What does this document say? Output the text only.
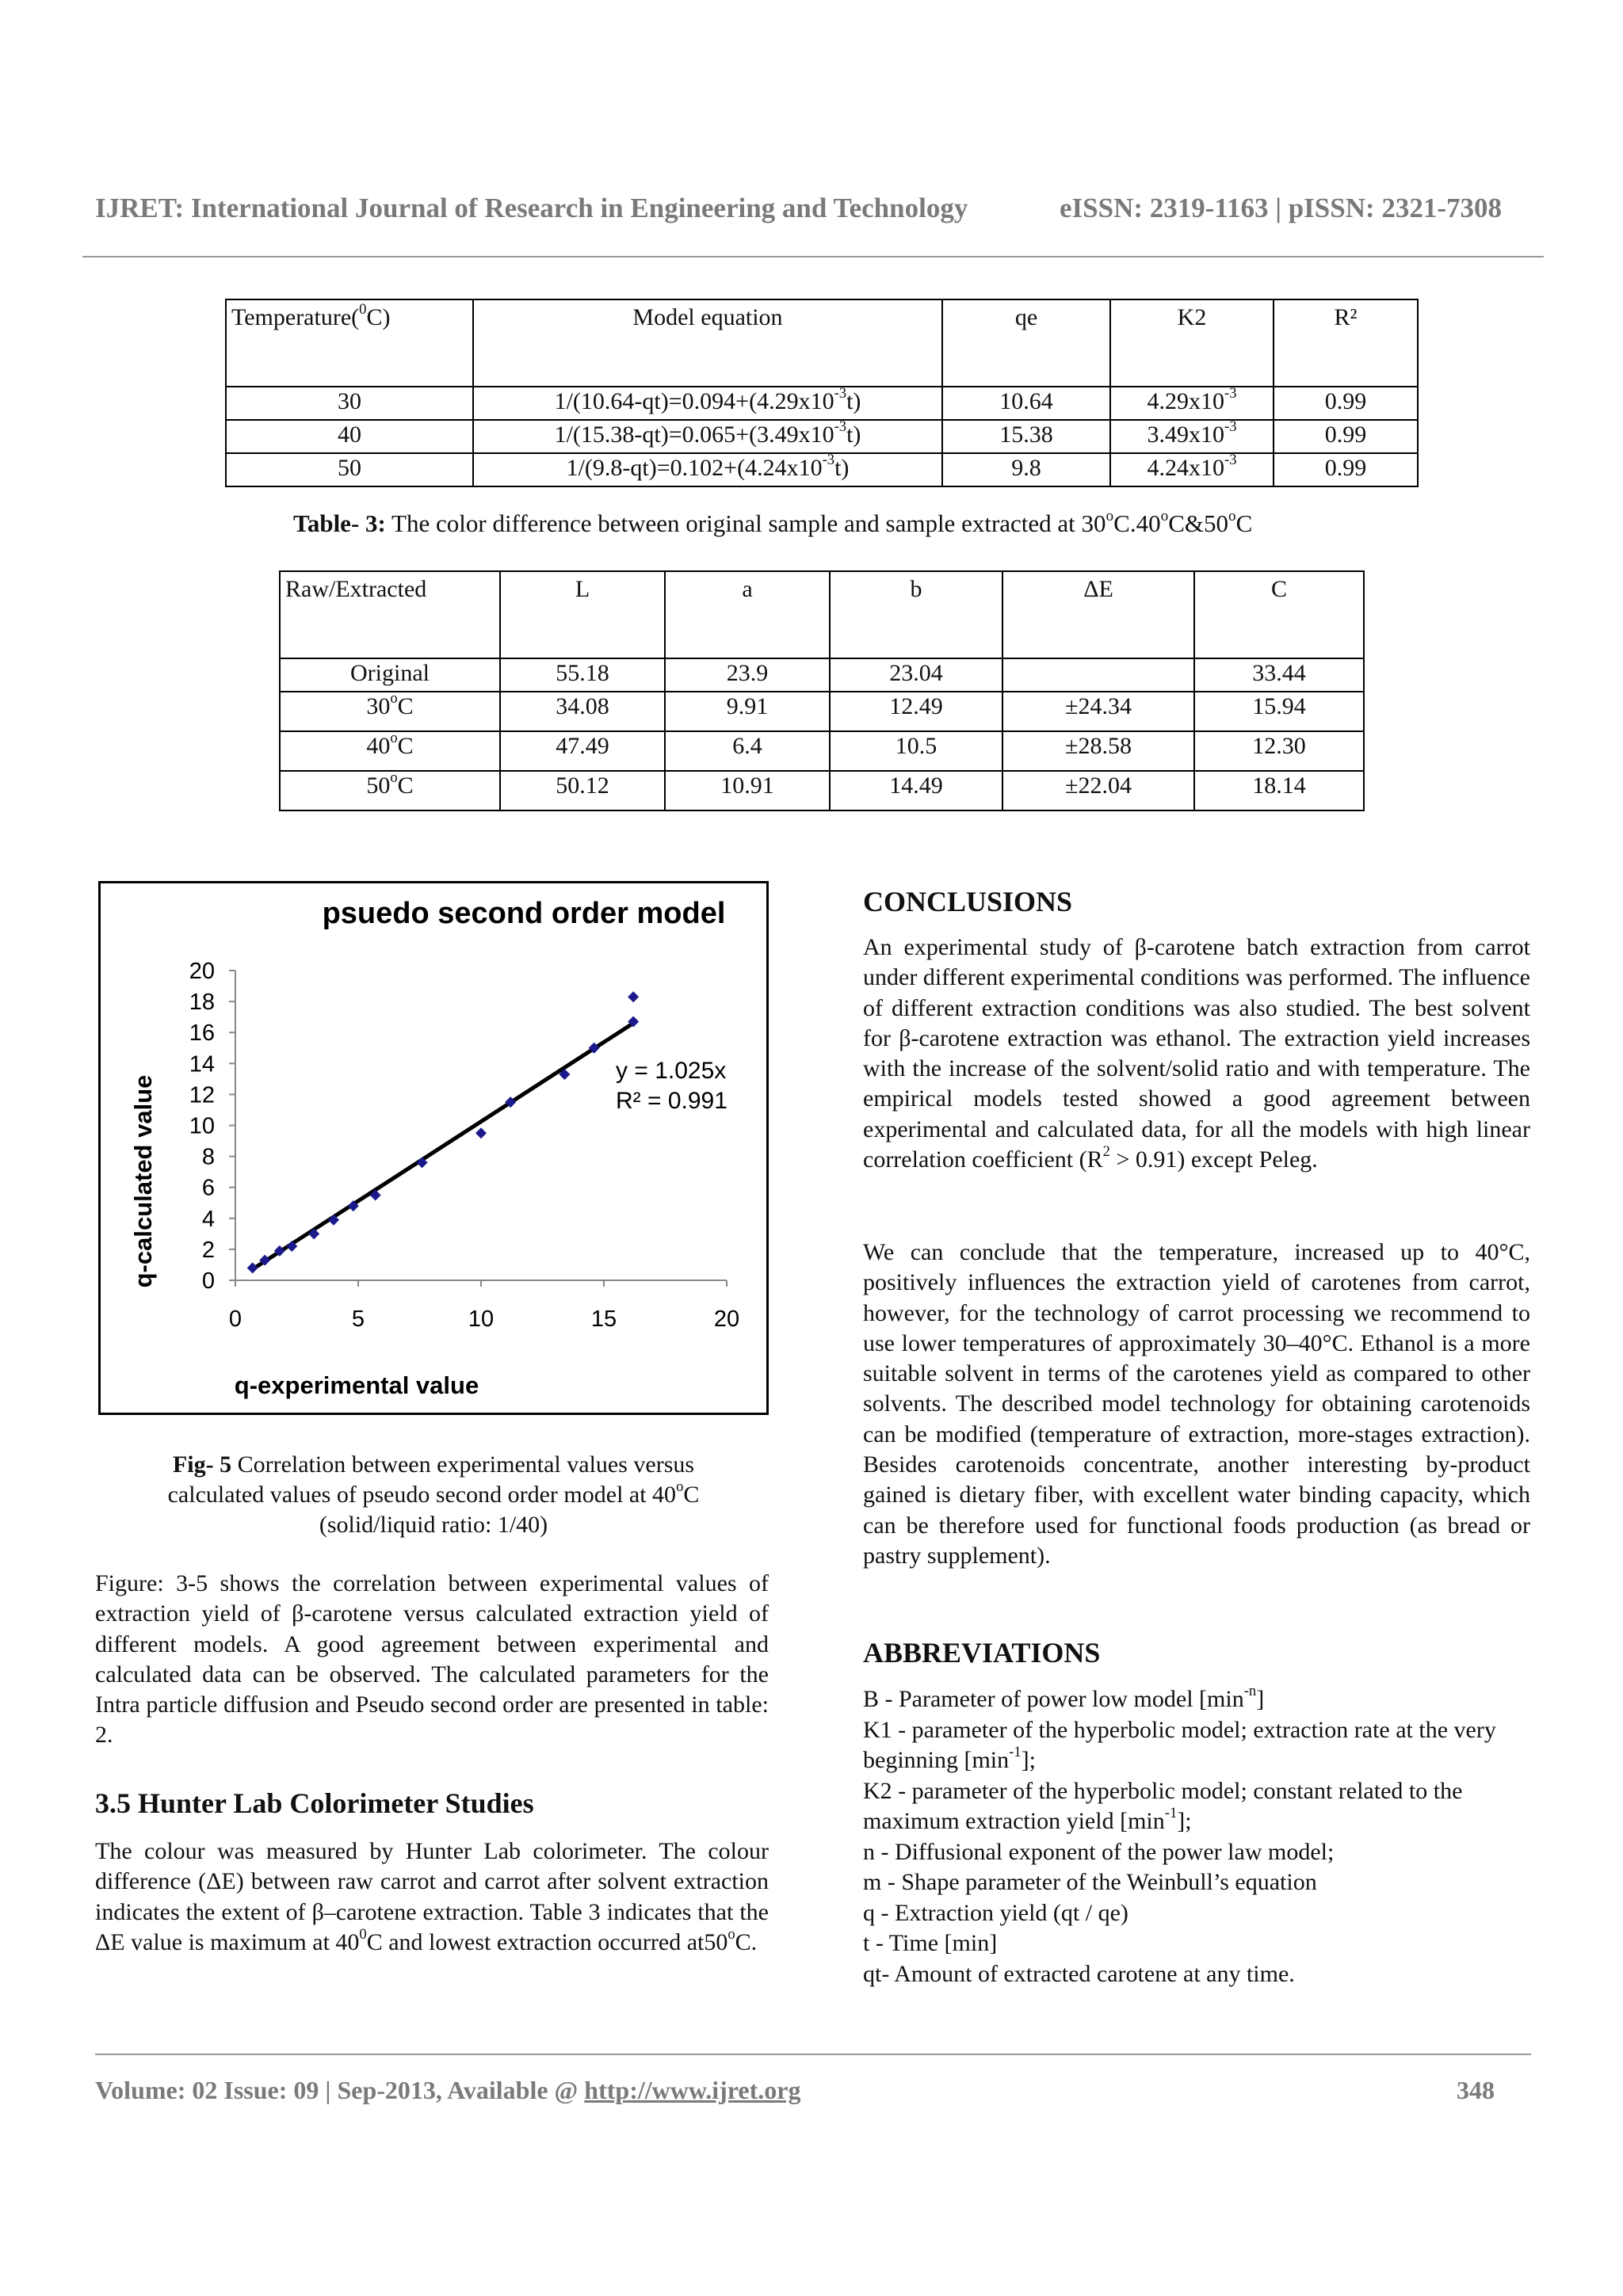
IJRET: International Journal of Research in Engineering and Technology	eISSN: 2319-1163 | pISSN: 2321-7308
Temperature($^0$C)	Model equation	qe	K2	R²
30	$1/(10.64-qt)=0.094+(4.29x10^{-3}t)$	10.64	$4.29x10^{-3}$	0.99
40	$1/(15.38-qt)=0.065+(3.49x10^{-3}t)$	15.38	$3.49x10^{-3}$	0.99
50	$1/(9.8-qt)=0.102+(4.24x10^{-3}t)$	9.8	$4.24x10^{-3}$	0.99
Table- 3: The color difference between original sample and sample extracted at 30$^o$C.40$^o$C&50$^o$C
Raw/Extracted	L	a	b	ΔE	C
Original	55.18	23.9	23.04		33.44
30$^o$C	34.08	9.91	12.49	±24.34	15.94
40$^o$C	47.49	6.4	10.5	±28.58	12.30
50$^o$C	50.12	10.91	14.49	±22.04	18.14
psuedo second order model
q-experimental value
q-calculated value 0
2
4
6
8
10
12
14
16
18
20
0	5	10	15	20
y = 1.025x
R² = 0.991
Fig- 5 Correlation between experimental values versus
calculated values of pseudo second order model at 40$^o$C
(solid/liquid ratio: 1/40)

Figure: 3-5 shows the correlation between experimental values of extraction yield of β-carotene versus calculated extraction yield of different models. A good agreement between experimental and calculated data can be observed. The calculated parameters for the Intra particle diffusion and Pseudo second order are presented in table: 2.

3.5 Hunter Lab Colorimeter Studies

The colour was measured by Hunter Lab colorimeter. The colour difference (ΔE) between raw carrot and carrot after solvent extraction indicates the extent of β–carotene extraction. Table 3 indicates that the ΔE value is maximum at $40^0C$ and lowest extraction occurred at50$^o$C.

CONCLUSIONS

An experimental study of β-carotene batch extraction from carrot under different experimental conditions was performed. The influence of different extraction conditions was also studied. The best solvent for β-carotene extraction was ethanol. The extraction yield increases with the increase of the solvent/solid ratio and with temperature. The empirical models tested showed a good agreement between experimental and calculated data, for all the models with high linear correlation coefficient $(R^2 > 0.91)$ except Peleg.

We can conclude that the temperature, increased up to 40°C, positively influences the extraction yield of carotenes from carrot, however, for the technology of carrot processing we recommend to use lower temperatures of approximately 30–40°C. Ethanol is a more suitable solvent in terms of the carotenes yield as compared to other solvents. The described model technology for obtaining carotenoids can be modified (temperature of extraction, more-stages extraction). Besides carotenoids concentrate, another interesting by-product gained is dietary fiber, with excellent water binding capacity, which can be therefore used for functional foods production (as bread or pastry supplement).

ABBREVIATIONS
B - Parameter of power low model $[\min^{-n}]$
K1 - parameter of the hyperbolic model; extraction rate at the very beginning $[\min^{-1}]$;
K2 - parameter of the hyperbolic model; constant related to the maximum extraction yield $[\min^{-1}]$;
n - Diffusional exponent of the power law model;
m - Shape parameter of the Weinbull’s equation
q - Extraction yield (qt / qe)
t - Time [min]
qt- Amount of extracted carotene at any time.
Volume: 02 Issue: 09 | Sep-2013, Available @ http://www.ijret.org	348
